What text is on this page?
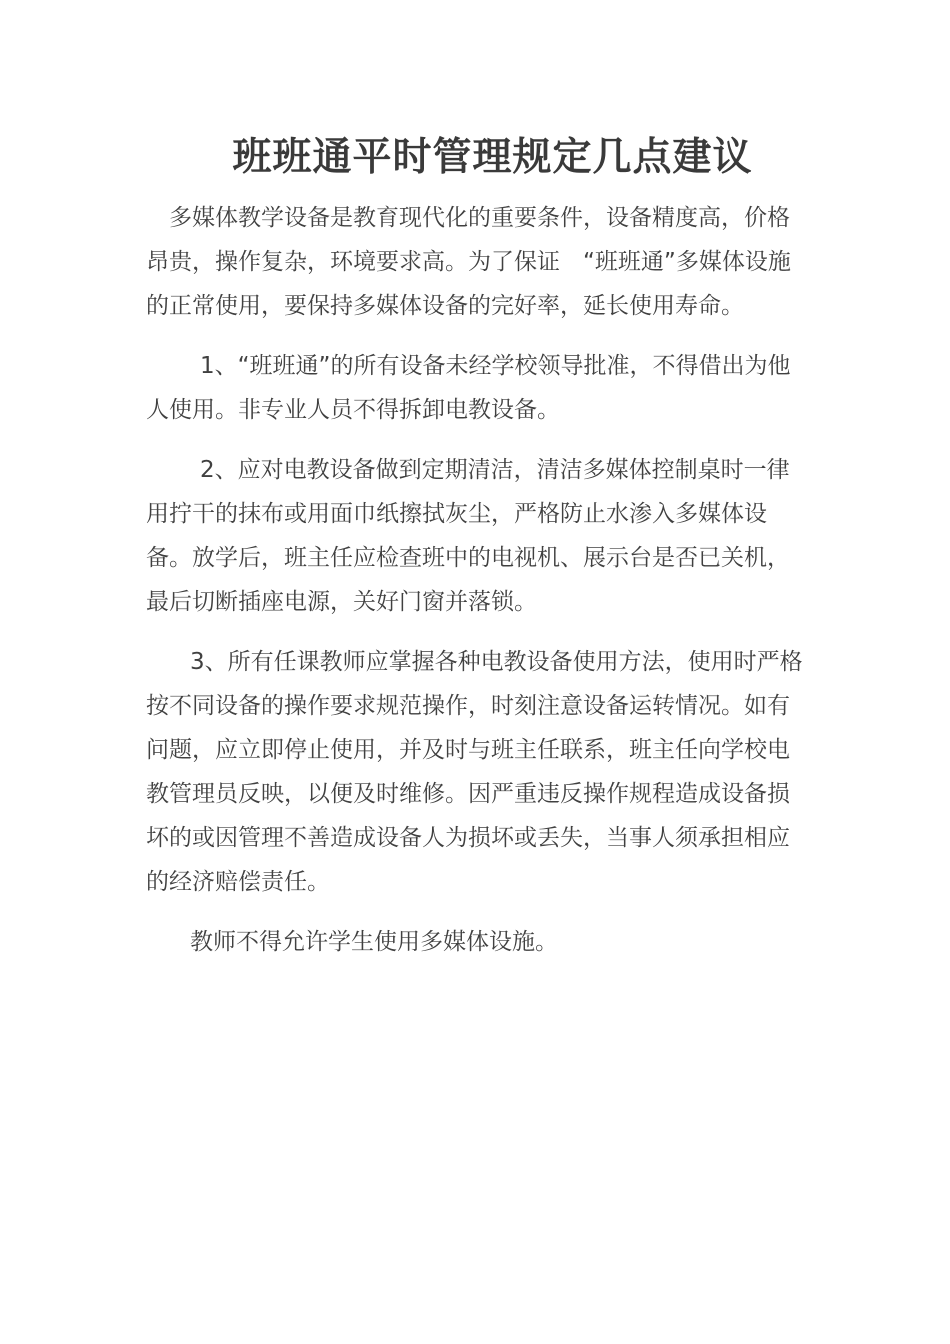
班班通平时管理规定几点建议

多媒体教学设备是教育现代化的重要条件，设备精度高，价格昂贵，操作复杂，环境要求高。为了保证　“班班通”多媒体设施的正常使用，要保持多媒体设备的完好率，延长使用寿命。

1、“班班通”的所有设备未经学校领导批准，不得借出为他人使用。非专业人员不得拆卸电教设备。

2、应对电教设备做到定期清洁，清洁多媒体控制桌时一律用拧干的抹布或用面巾纸擦拭灰尘，严格防止水渗入多媒体设备。放学后，班主任应检查班中的电视机、展示台是否已关机，最后切断插座电源，关好门窗并落锁。

3、所有任课教师应掌握各种电教设备使用方法，使用时严格按不同设备的操作要求规范操作，时刻注意设备运转情况。如有问题，应立即停止使用，并及时与班主任联系，班主任向学校电教管理员反映，以便及时维修。因严重违反操作规程造成设备损坏的或因管理不善造成设备人为损坏或丢失，当事人须承担相应的经济赔偿责任。

教师不得允许学生使用多媒体设施。
